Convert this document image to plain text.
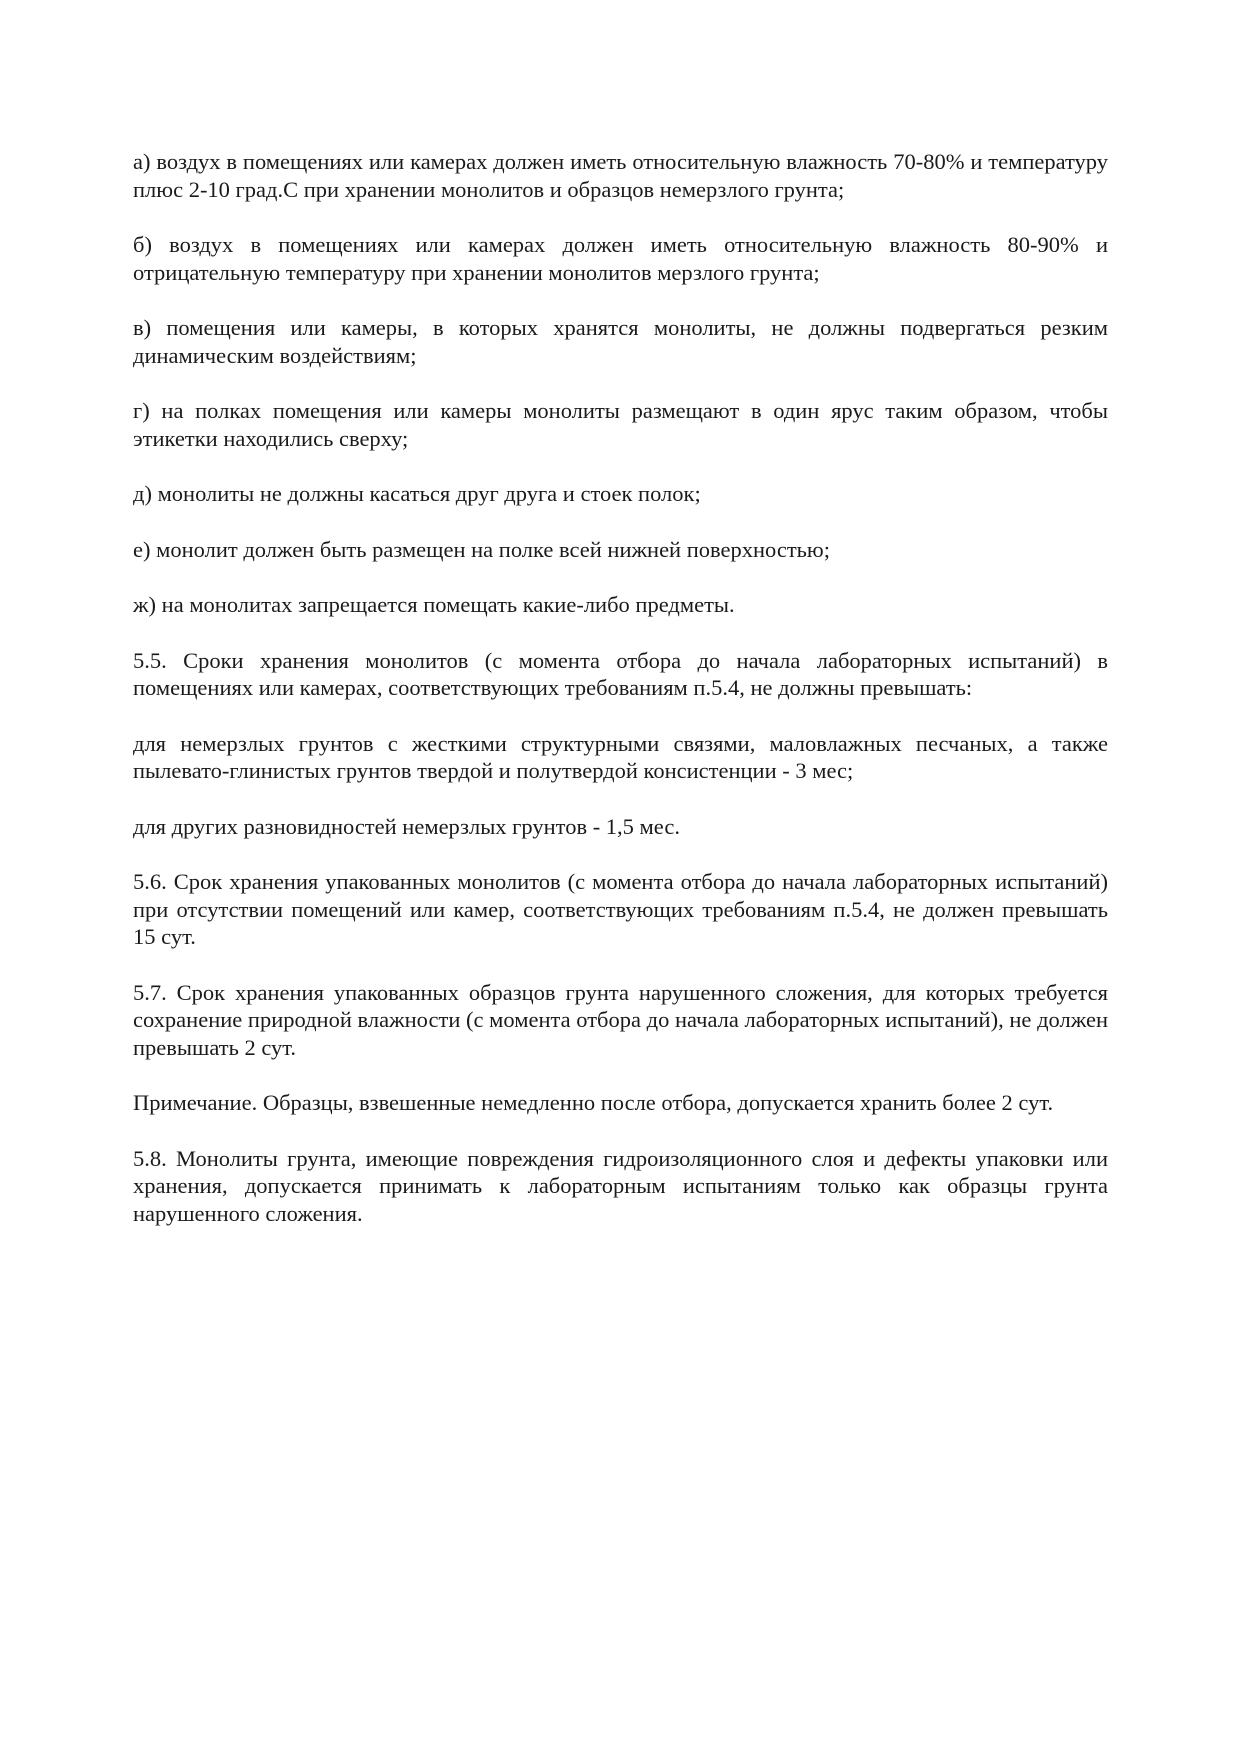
а) воздух в помещениях или камерах должен иметь относительную влажность 70-80% и температуру плюс 2-10 град.С при хранении монолитов и образцов немерзлого грунта;

б) воздух в помещениях или камерах должен иметь относительную влажность 80-90% и отрицательную температуру при хранении монолитов мерзлого грунта;

в) помещения или камеры, в которых хранятся монолиты, не должны подвергаться резким динамическим воздействиям;

г) на полках помещения или камеры монолиты размещают в один ярус таким образом, чтобы этикетки находились сверху;

д) монолиты не должны касаться друг друга и стоек полок;

е) монолит должен быть размещен на полке всей нижней поверхностью;

ж) на монолитах запрещается помещать какие-либо предметы.

5.5. Сроки хранения монолитов (с момента отбора до начала лабораторных испытаний) в помещениях или камерах, соответствующих требованиям п.5.4, не должны превышать:

для немерзлых грунтов с жесткими структурными связями, маловлажных песчаных, а также пылевато-глинистых грунтов твердой и полутвердой консистенции - 3 мес;

для других разновидностей немерзлых грунтов - 1,5 мес.

5.6. Срок хранения упакованных монолитов (с момента отбора до начала лабораторных испытаний) при отсутствии помещений или камер, соответствующих требованиям п.5.4, не должен превышать 15 сут.

5.7. Срок хранения упакованных образцов грунта нарушенного сложения, для которых требуется сохранение природной влажности (с момента отбора до начала лабораторных испытаний), не должен превышать 2 сут.

Примечание. Образцы, взвешенные немедленно после отбора, допускается хранить более 2 сут.

5.8. Монолиты грунта, имеющие повреждения гидроизоляционного слоя и дефекты упаковки или хранения, допускается принимать к лабораторным испытаниям только как образцы грунта нарушенного сложения.
